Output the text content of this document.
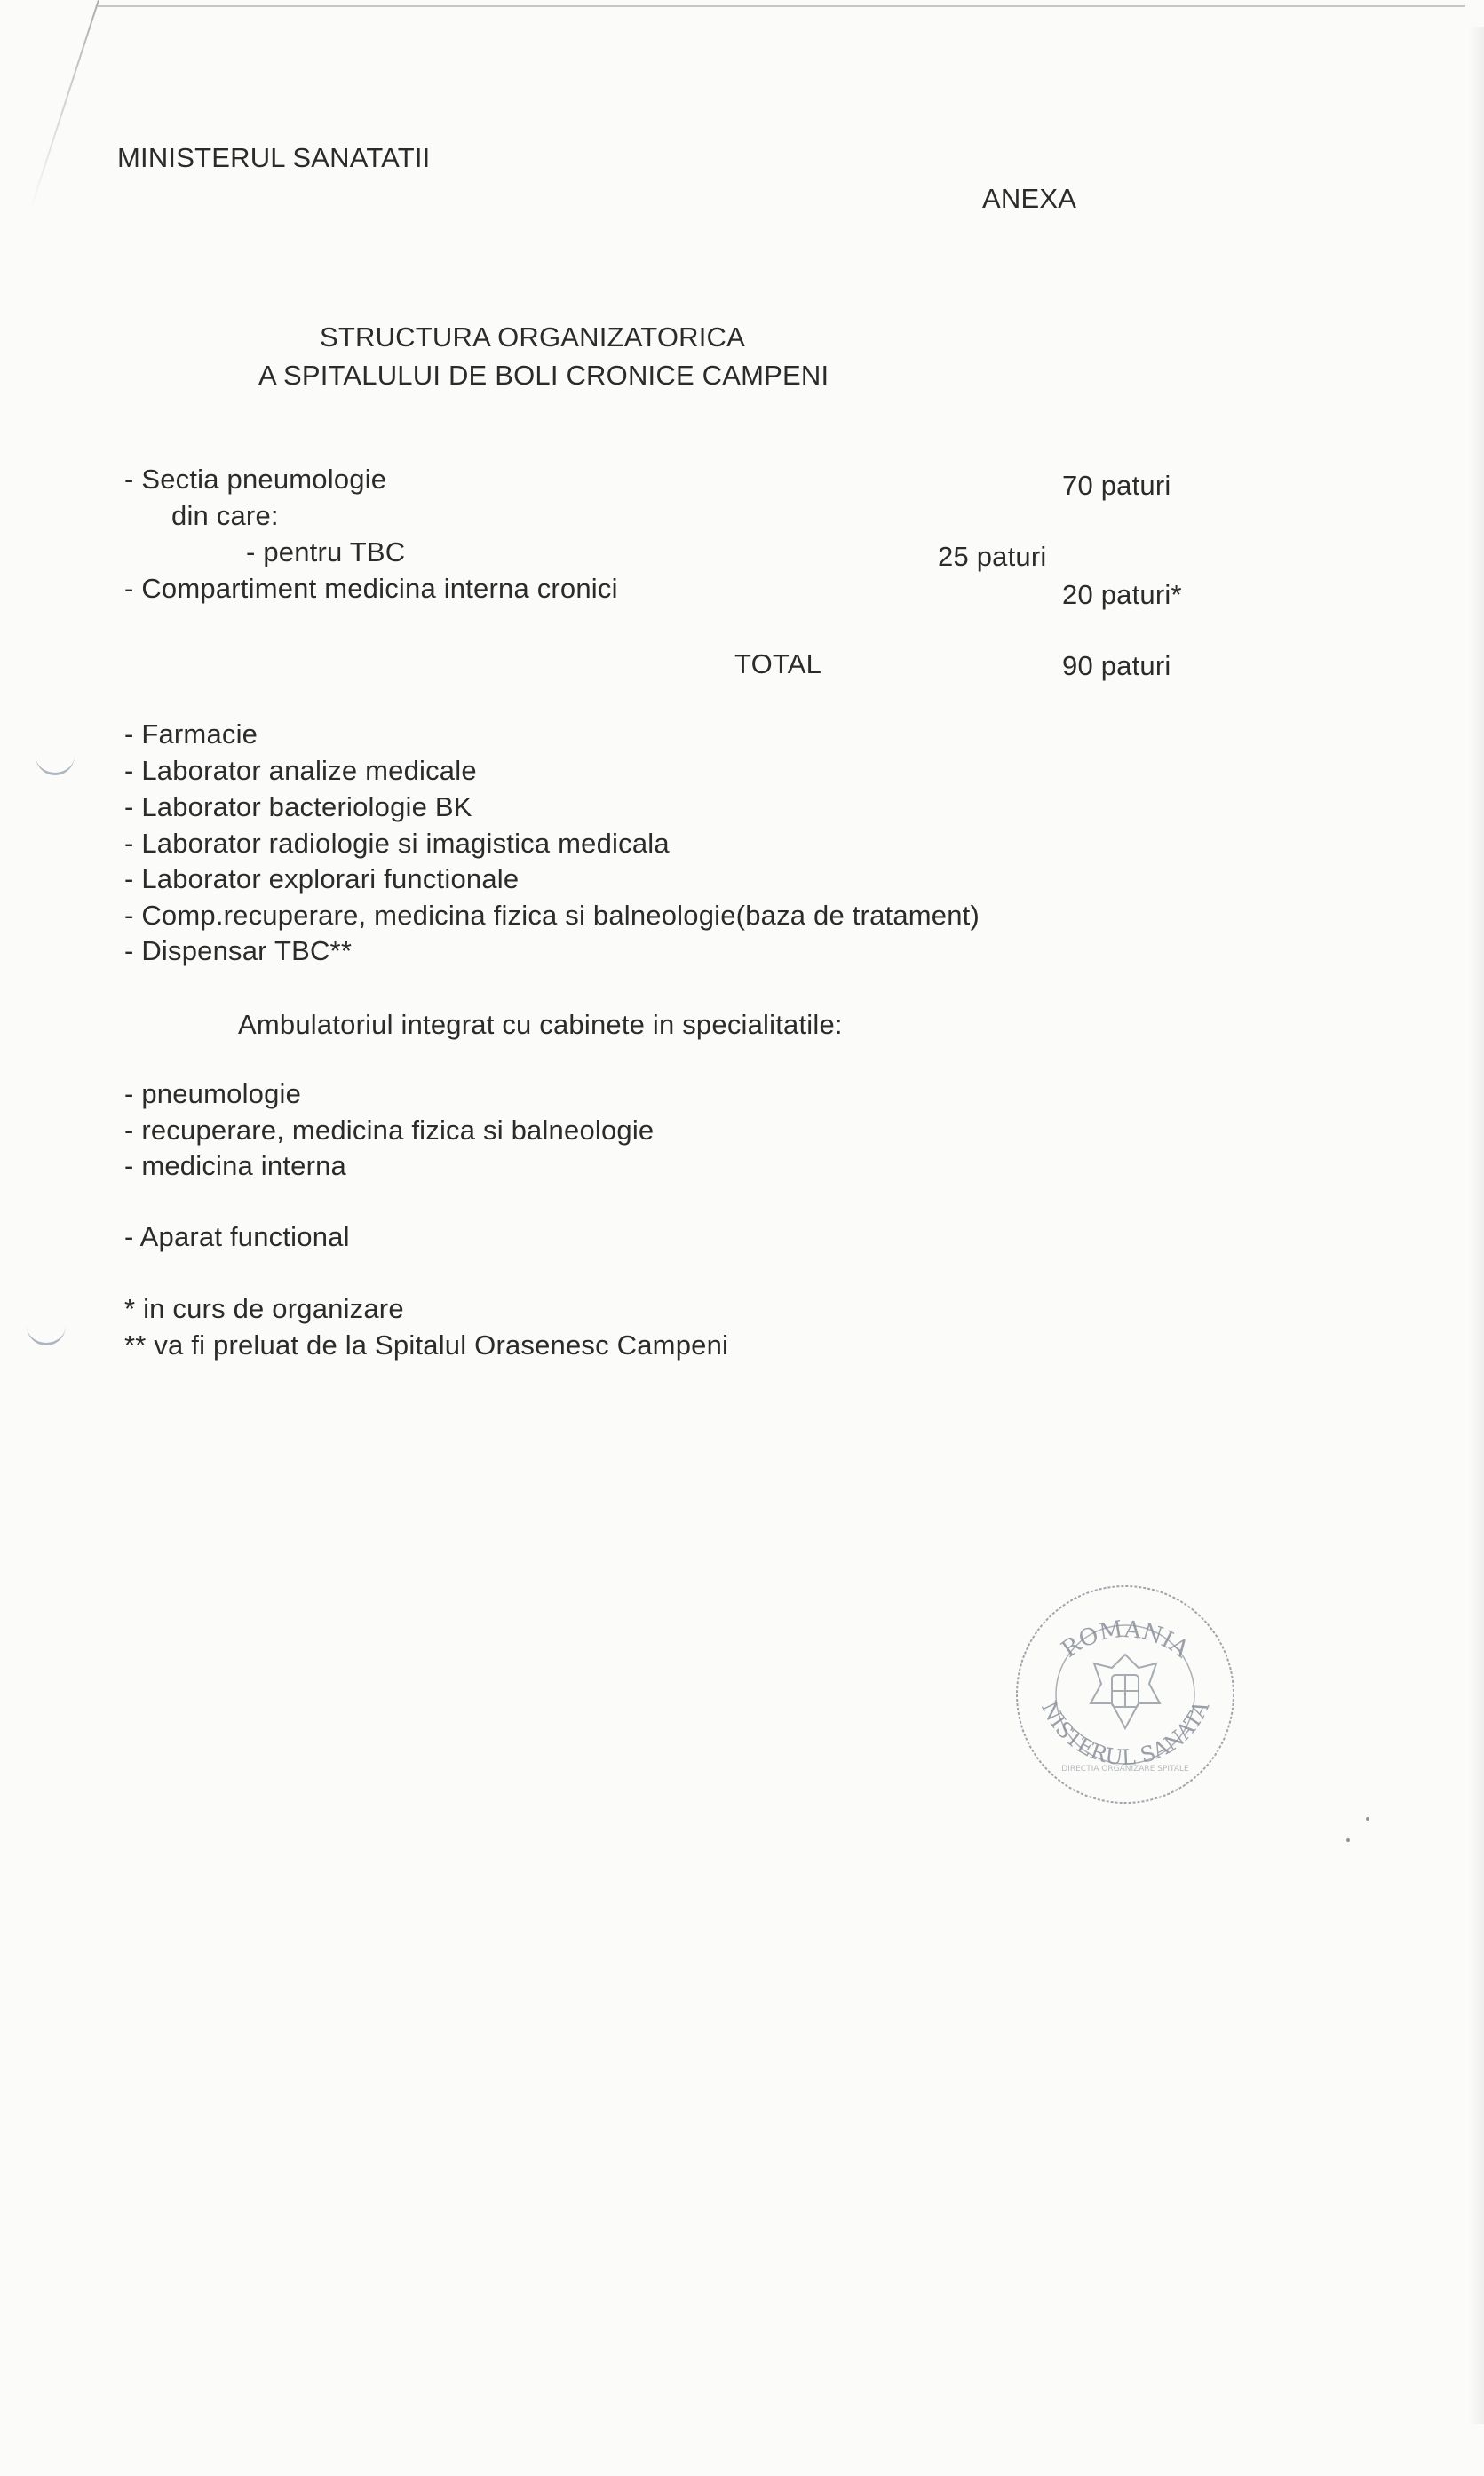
MINISTERUL SANATATII
ANEXA
STRUCTURA ORGANIZATORICA
A SPITALULUI DE BOLI CRONICE CAMPENI
- Sectia pneumologie	70 paturi
din care:
- pentru TBC	25 paturi
- Compartiment medicina interna cronici	20 paturi*
TOTAL	90 paturi
- Farmacie
- Laborator analize medicale
- Laborator bacteriologie BK
- Laborator radiologie si imagistica medicala
- Laborator explorari functionale
- Comp.recuperare, medicina fizica si balneologie(baza de tratament)
- Dispensar TBC**
Ambulatoriul integrat cu cabinete in specialitatile:
- pneumologie
- recuperare, medicina fizica si balneologie
- medicina interna
- Aparat functional
* in curs de organizare
** va fi preluat de la Spitalul Orasenesc Campeni
ROMANIA
NISTERUL SANATA
DIRECTIA ORGANIZARE SPITALE
